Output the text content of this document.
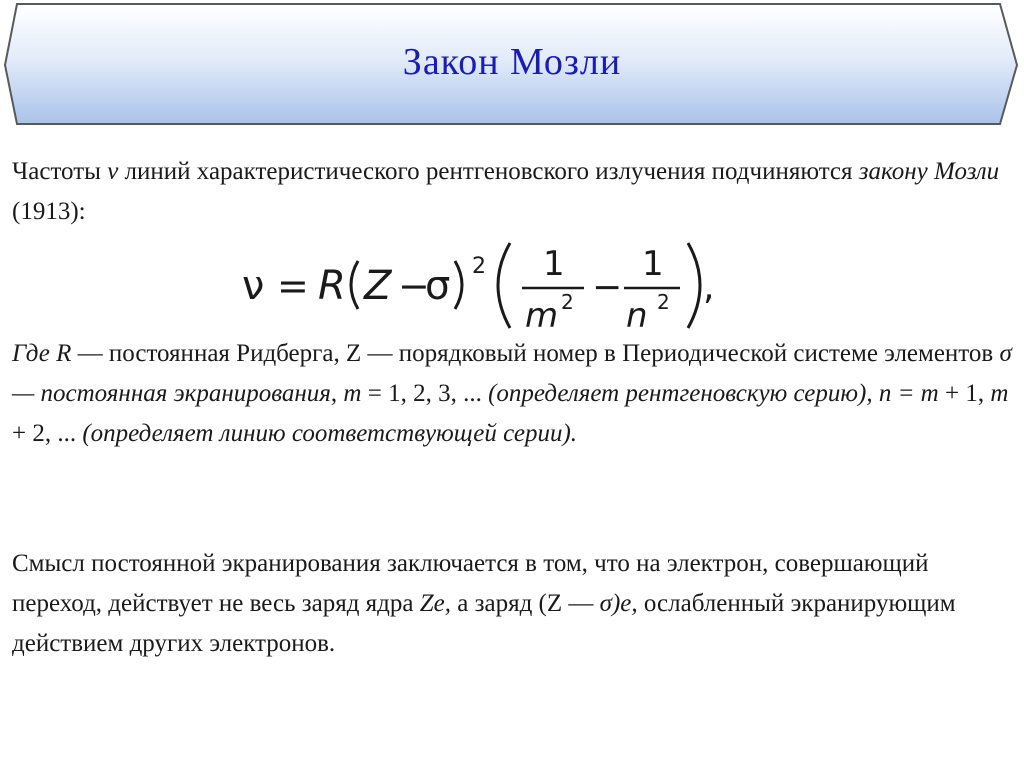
Закон Мозли

Частоты ν линий характеристического рентгеновского излучения подчиняются закону Мозли (1913):

ν = R Z −
σ 2 1
m 2 −
1
n 2 ,

Где R — постоянная Ридберга, Z — порядковый номер в Периодической системе элементов σ — постоянная экранирования, m = 1, 2, 3, ... (определяет рентгеновскую серию), n = m + 1, m + 2, ... (определяет линию соответствующей серии).

Смысл постоянной экранирования заключается в том, что на электрон, совершающий переход, действует не весь заряд ядра Ze, а заряд (Z — σ)е, ослабленный экранирующим действием других электронов.
